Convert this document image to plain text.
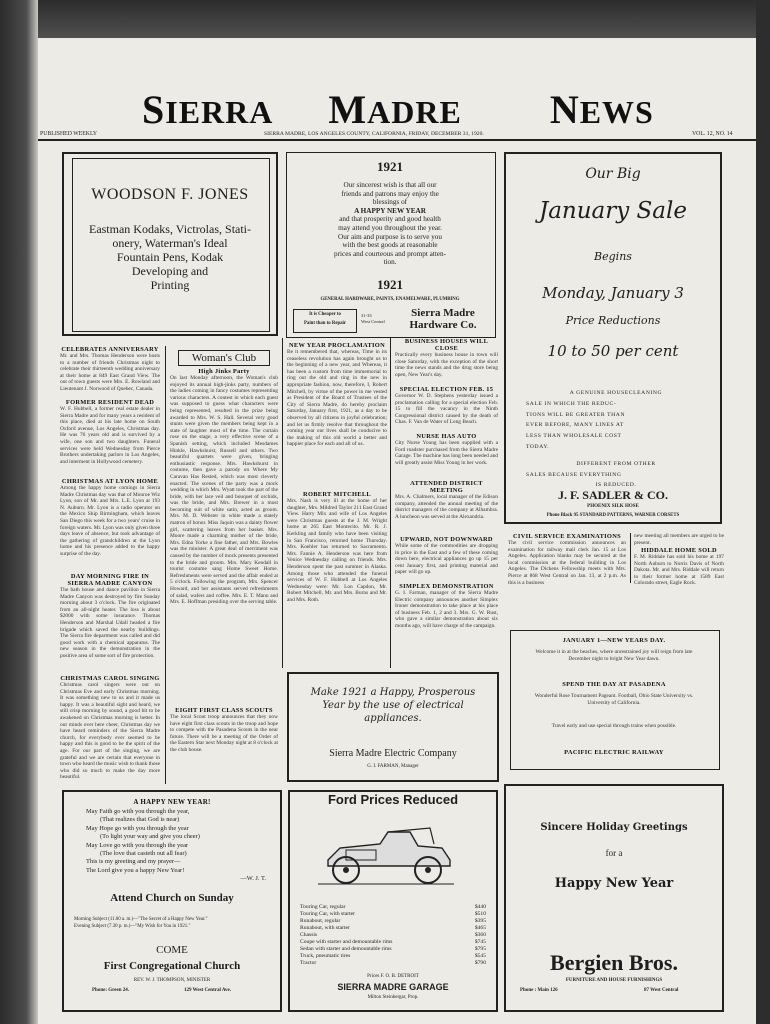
SIERRA MADRE NEWS
PUBLISHED WEEKLY	SIERRA MADRE, LOS ANGELES COUNTY, CALIFORNIA, FRIDAY, DECEMBER 31, 1920.	VOL. 12, NO. 14
WOODSON F. JONES
Eastman Kodaks, Victrolas, Stati-
onery, Waterman's Ideal
Fountain Pens, Kodak
Developing and
Printing
1921
Our sincerest wish is that all our
friends and patrons may enjoy the
blessings of
A HAPPY NEW YEAR
and that prosperity and good health
may attend you throughout the year.
Our aim and purpose is to serve you
with the best goods at reasonable
prices and courteous and prompt atten-
tion.
1921
GENERAL HARDWARE, PAINTS, ENAMELWARE, PLUMBING
It is Cheaper to
Paint than to Repair
31-33
West Central
Sierra Madre
Hardware Co.
Our Big
January Sale
Begins
Monday, January 3
Price Reductions
10 to 50 per cent
A GENUINE HOUSECLEANING
SALE IN WHICH THE REDUC-
TIONS WILL BE GREATER THAN
EVER BEFORE, MANY LINES AT
LESS THAN WHOLESALE COST
TODAY.
DIFFERENT FROM OTHER
SALES BECAUSE EVERYTHING
IS REDUCED.
J. F. SADLER & CO.
PHOENIX SILK HOSE
Phone Black 95 STANDARD PATTERNS, WARNER CORSETS
CELEBRATES ANNIVERSARY
Mr. and Mrs. Thomas Henderson were hosts to a number of friends Christmas night to celebrate their thirteenth wedding anniversary at their home at 849 East Grand View. The out of town guests were Mrs. E. Rowland and Lieutenant J. Norwood of Quebec, Canada.
FORMER RESIDENT DEAD
W. F. Hubbell, a former real estate dealer in Sierra Madre and for many years a resident of this place, died at his late home on South Oxford avenue, Los Angeles, Christmas day. He was 76 years old and is survived by a wife, one son and two daughters. Funeral services were held Wednesday from Pierce Brothers undertaking parlors in Los Angeles, and interment in Hollywood cemetery.
CHRISTMAS AT LYON HOME
Among the happy home comings in Sierra Madre Christmas day was that of Monroe Wiz Lyon, son of Mr. and Mrs. L.E. Lyon at 193 N. Auburn. Mr. Lyon is a radio operator on the Mexico Ship Birmingham, which leaves San Diego this week for a two years' cruise in foreign waters. Mr. Lyon was only given three days leave of absence, but took advantage of the gathering of grandchildren at the Lyon home and his presence added to the happy surprise of the day.
DAY MORNING FIRE IN SIERRA MADRE CANYON
The bath house and dance pavilion in Sierra Madre Canyon was destroyed by fire Sunday morning about 3 o'clock. The fire originated from an all-night heater. The loss is about $2000 with some insurance. Thomas Henderson and Marshal Udall headed a fire brigade which saved the nearby buildings. The Sierra fire department was called and did good work with a chemical apparatus. The new season in the demonstration in the positive area of some sort of fire protection.
CHRISTMAS CAROL SINGING
Christmas carol singers were out on Christmas Eve and early Christmas morning. It was something new to us and it made us happy. It was a beautiful sight and heard, we still crisp morning by sound, a good bit to be awakened on Christmas morning is better. In our minds over here cheer, Christmas day we have heard reminders of the Sierra Madre church, for everybody ever seemed to be happy and this is good to be the spirit of the age. For our part of the singing, we are grateful and we are certain that everyone in town who heard the music wish to thank those who did so much to make the day more beautiful.
Woman's Club
High Jinks Party
On last Monday afternoon, the Woman's club enjoyed its annual high-jinks party, numbers of the ladies coming in fancy costumes representing various characters. A contest in which each guest was supposed to guess what characters were being represented, resulted in the prize being awarded to Mrs. W. S. Hall. Several very good stunts were given the members being kept in a state of laughter most of the time. The curtain rose on the stage, a very effective scene of a Spanish setting, which included Mesdames Hinkle, Hawkshurst, Russell and others. Two beautiful quartets were given, bringing enthusiastic response. Mrs. Hawkshurst in costume, then gave a parody on Where My Caravan Has Rested, which was most cleverly enacted. The scenes of the party was a mock wedding in which Mrs. Wyatt took the part of the bride, with her lace veil and bouquet of orchids, was the bride, and Mrs. Brewer in a most becoming suit of white satin, acted as groom. Mrs. M. D. Webster in white made a stately matron of honor. Miss Jaquin was a dainty flower girl, scattering leaves from her basket. Mrs. Moore made a charming mother of the bride, Mrs. Edna Yorke a fine father, and Mrs. Bowles was the minister. A great deal of merriment was caused by the number of mock presents presented to the bride and groom. Mrs. Mary Kendall in tourist costume sang Home Sweet Home. Refreshments were served and the affair ended at 5 o'clock. Following the program, Mrs. Spencer Howard, and her assistants served refreshments of salad, wafers and coffee. Mrs. E. T. Mann and Mrs. E. Hoffman presiding over the serving table.
EIGHT FIRST CLASS SCOUTS
The local Scout troop announces that they now have eight first class scouts in the troop and hope to compete with the Pasadena Scouts in the near future. There will be a meeting of the Order of the Eastern Star next Monday night at 8 o'clock at the club house.
NEW YEAR PROCLAMATION
Be it remembered that, whereas, Time in its ceaseless revolution has again brought us to the beginning of a new year, and Whereas, it has been a custom from time immemorial to ring out the old and ring in the new in appropriate fashion, now, therefore, I, Robert Mitchell, by virtue of the power in me vested as President of the Board of Trustees of the City of Sierra Madre, do hereby proclaim Saturday, January first, 1921, as a day to be observed by all citizens in joyful celebration; and let us firmly resolve that throughout the coming year our lives shall be conducive to the making of this old world a better and happier place for each and all of us.
ROBERT MITCHELL
Mrs. Nash is very ill at the home of her daughter, Mrs. Mildred Taylor 211 East Grand View. Harry Mix and wife of Los Angeles were Christmas guests at the J. M. Wright home at 265 East Montecito. Mr. R. J. Kerkling and family who have been visiting in San Francisco, returned home Thursday. Mrs. Koehler has returned to Sacramento. Mrs. Fannie A. Henderson was here from Venice Wednesday calling on friends. Mrs. Henderson spent the past summer in Alaska. Among those who attended the funeral services of W. F. Hubbell at Los Angeles Wednesday were: Mr. Lon Capdon, Mr. Robert Mitchell, Mr. and Mrs. Burns and Mr. and Mrs. Roth.
BUSINESS HOUSES WILL CLOSE
Practically every business house in town will close Saturday, with the exception of the short time the news stands and the drug store being open, New Year's day.
SPECIAL ELECTION FEB. 15
Governor W. D. Stephens yesterday issued a proclamation calling for a special election Feb. 15 to fill the vacancy in the Ninth Congressional district caused by the death of Chas. F. Van de Water of Long Beach.
NURSE HAS AUTO
City Nurse Young has been supplied with a Ford roadster purchased from the Sierra Madre Garage. The machine has long been needed and will greatly assist Miss Young in her work.
ATTENDED DISTRICT MEETING
Mrs. A. Chalmers, local manager of the Edison company, attended the annual meeting of the district managers of the company at Alhambra. A luncheon was served at the Alexandria.
UPWARD, NOT DOWNWARD
While some of the commodities are dropping in price in the East and a few of these coming down here, electrical appliances go up 15 per cent January first, and printing material and paper will go up.
SIMPLEX DEMONSTRATION
G. I. Farman, manager of the Sierra Madre Electric company announces another Simplex Ironer demonstration to take place at his place of business Feb. 1, 2 and 3. Mrs. G. W. Rust, who gave a similar demonstration about six months ago, will have charge of the campaign.
Make 1921 a Happy, Prosperous
Year by the use of electrical
appliances.
Sierra Madre Electric Company
G. I. FARMAN, Manager
CIVIL SERVICE EXAMINATIONS
The civil service commission announces an examination for railway mail clerk Jan. 15 at Los Angeles. Application blanks may be secured at the local commission at the federal building in Los Angeles. The Dickens Fellowship meets with Mrs. Pierce at 868 West Central on Jan. 13, at 2 p.m. As this is a business
new meeting all members are urged to be present.
HIDDALE HOME SOLD
F. M. Riddale has sold his home at 197 North Auburn to Norris Davis of North Dakota. Mr. and Mrs. Riddale will return to their former home at 1589 East Colorado street, Eagle Rock.
JANUARY 1—NEW YEARS DAY.
Welcome it in at the beaches, where unrestrained joy will reign from late December night to bright New Year dawn.
SPEND THE DAY AT PASADENA
Wonderful Rose Tournament Pageant. Football, Ohio State University vs. University of California.
Travel early and use special through trains when possible.
PACIFIC ELECTRIC RAILWAY
A HAPPY NEW YEAR!
May Faith go with you through the year,
(That realizes that God is near)
May Hope go with you through the year
(To light your way and give you cheer)
May Love go with you through the year
(The love that casteth out all fear)
This is my greeting and my prayer—
The Lord give you a happy New Year!
—W. J. T.
Attend Church on Sunday
Morning Subject (11.00 a. m.)—"The Secret of a Happy New Year."
Evening Subject (7.30 p. m.)—"My Wish for You in 1921."
COME
First Congregational Church
REV. W. J. THOMPSON, MINISTER
Phone: Green 24.	129 West Central Ave.
Ford Prices Reduced
Touring Car, regular	$440
Touring Car, with starter	$510
Runabout, regular	$395
Runabout, with starter	$465
Chassis	$360
Coupe with starter and demountable rims	$745
Sedan with starter and demountable rims	$795
Truck, pneumatic tires	$545
Tractor	$790
Prices F. O. B. DETROIT
SIERRA MADRE GARAGE
Milton Steinbergar, Prop.
Sincere Holiday Greetings
for a
Happy New Year
Bergien Bros.
FURNITURE AND HOUSE FURNISHINGS
Phone : Main 126	87 West Central
